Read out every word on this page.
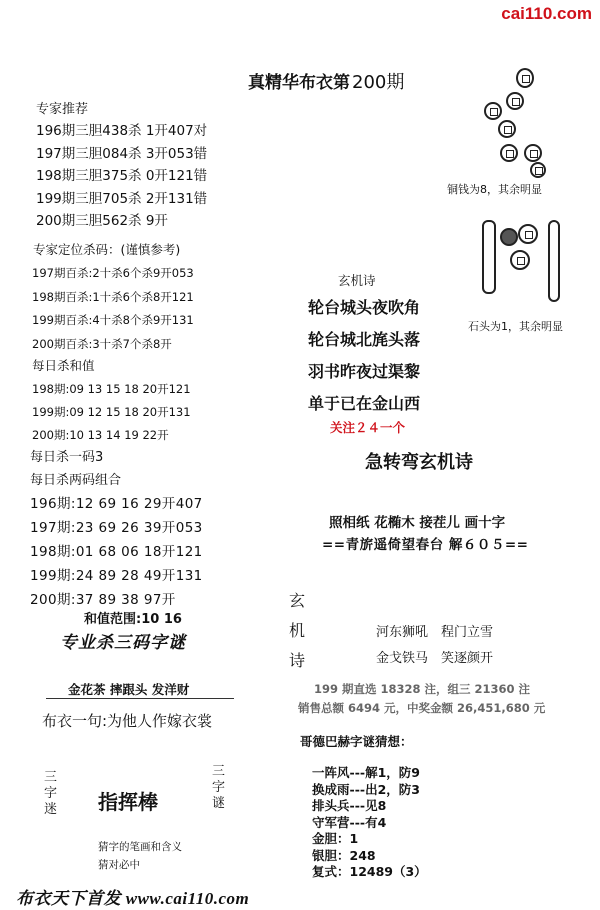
cai110.com
真精华布衣第 200期
专家推荐
196期三胆438杀 1开407对
197期三胆084杀 3开053错
198期三胆375杀 0开121错
199期三胆705杀 2开131错
200期三胆562杀 9开
专家定位杀码：(谨慎参考)
197期百杀:2十杀6个杀9开053
198期百杀:1十杀6个杀8开121
199期百杀:4十杀8个杀9开131
200期百杀:3十杀7个杀8开
每日杀和值
198期:09 13 15 18 20开121
199期:09 12 15 18 20开131
200期:10 13 14 19 22开
每日杀一码3
每日杀两码组合
196期:12 69 16 29开407
197期:23 69 26 39开053
198期:01 68 06 18开121
199期:24 89 28 49开131
200期:37 89 38 97开
和值范围:10 16
专业杀三码字谜
金花茶 摔跟头 发洋财
布衣一句:为他人作嫁衣裳
三
字
迷 指挥棒
三
字
谜
猜字的笔画和含义
猜对必中
布衣天下首发 www.cai110.com
铜钱为8，其余明显
石头为1，其余明显
玄机诗
轮台城头夜吹角
轮台城北旄头落
羽书昨夜过渠黎
单于已在金山西
关注２４一个
急转弯玄机诗
照相纸 花椭木 接茬儿 画十字
==青旂遥倚望春台 解６０５==
玄
机
诗
河东狮吼　程门立雪
金戈铁马　笑逐颜开
199 期直选 18328 注，组三 21360 注
销售总额 6494 元，中奖金额 26,451,680 元
哥德巴赫字谜猜想：
一阵风---解1，防9
换成雨---出2，防3
排头兵---见8
守军营---有4
金胆：1
银胆：248
复式：12489（3）
